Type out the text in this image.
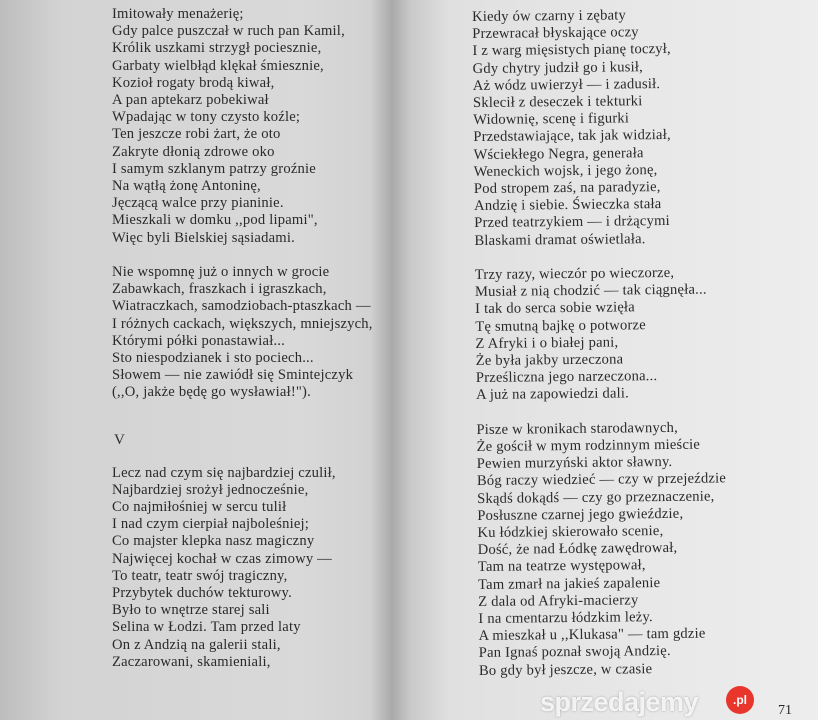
Imitowały menażerię;
Gdy palce puszczał w ruch pan Kamil,
Królik uszkami strzygł pociesznie,
Garbaty wielbłąd klękał śmiesznie,
Kozioł rogaty brodą kiwał,
A pan aptekarz pobekiwał
Wpadając w tony czysto koźle;
Ten jeszcze robi żart, że oto
Zakryte dłonią zdrowe oko
I samym szklanym patrzy groźnie
Na wątłą żonę Antoninę,
Jęczącą walce przy pianinie.
Mieszkali w domku ,,pod lipami",
Więc byli Bielskiej sąsiadami.
Nie wspomnę już o innych w grocie
Zabawkach, fraszkach i igraszkach,
Wiatraczkach, samodziobach-ptaszkach —
I różnych cackach, większych, mniejszych,
Którymi półki ponastawiał...
Sto niespodzianek i sto pociech...
Słowem — nie zawiódł się Smintejczyk
(,,O, jakże będę go wysławiał!").
V
Lecz nad czym się najbardziej czulił,
Najbardziej srożył jednocześnie,
Co najmiłośniej w sercu tulił
I nad czym cierpiał najboleśniej;
Co majster klepka nasz magiczny
Najwięcej kochał w czas zimowy —
To teatr, teatr swój tragiczny,
Przybytek duchów tekturowy.
Było to wnętrze starej sali
Selina w Łodzi. Tam przed laty
On z Andzią na galerii stali,
Zaczarowani, skamieniali,
Kiedy ów czarny i zębaty
Przewracał błyskające oczy
I z warg mięsistych pianę toczył,
Gdy chytry judził go i kusił,
Aż wódz uwierzył — i zadusił.
Sklecił z deseczek i tekturki
Widownię, scenę i figurki
Przedstawiające, tak jak widział,
Wściekłego Negra, generała
Weneckich wojsk, i jego żonę,
Pod stropem zaś, na paradyzie,
Andzię i siebie. Świeczka stała
Przed teatrzykiem — i drżącymi
Blaskami dramat oświetlała.
Trzy razy, wieczór po wieczorze,
Musiał z nią chodzić — tak ciągnęła...
I tak do serca sobie wzięła
Tę smutną bajkę o potworze
Z Afryki i o białej pani,
Że była jakby urzeczona
Prześliczna jego narzeczona...
A już na zapowiedzi dali.
Pisze w kronikach starodawnych,
Że gościł w mym rodzinnym mieście
Pewien murzyński aktor sławny.
Bóg raczy wiedzieć — czy w przejeździe
Skądś dokądś — czy go przeznaczenie,
Posłuszne czarnej jego gwieździe,
Ku łódzkiej skierowało scenie,
Dość, że nad Łódkę zawędrował,
Tam na teatrze występował,
Tam zmarł na jakieś zapalenie
Z dala od Afryki-macierzy
I na cmentarzu łódzkim leży.
A mieszkał u ,,Klukasa" — tam gdzie
Pan Ignaś poznał swoją Andzię.
Bo gdy był jeszcze, w czasie
71
sprzedajemy	.pl
